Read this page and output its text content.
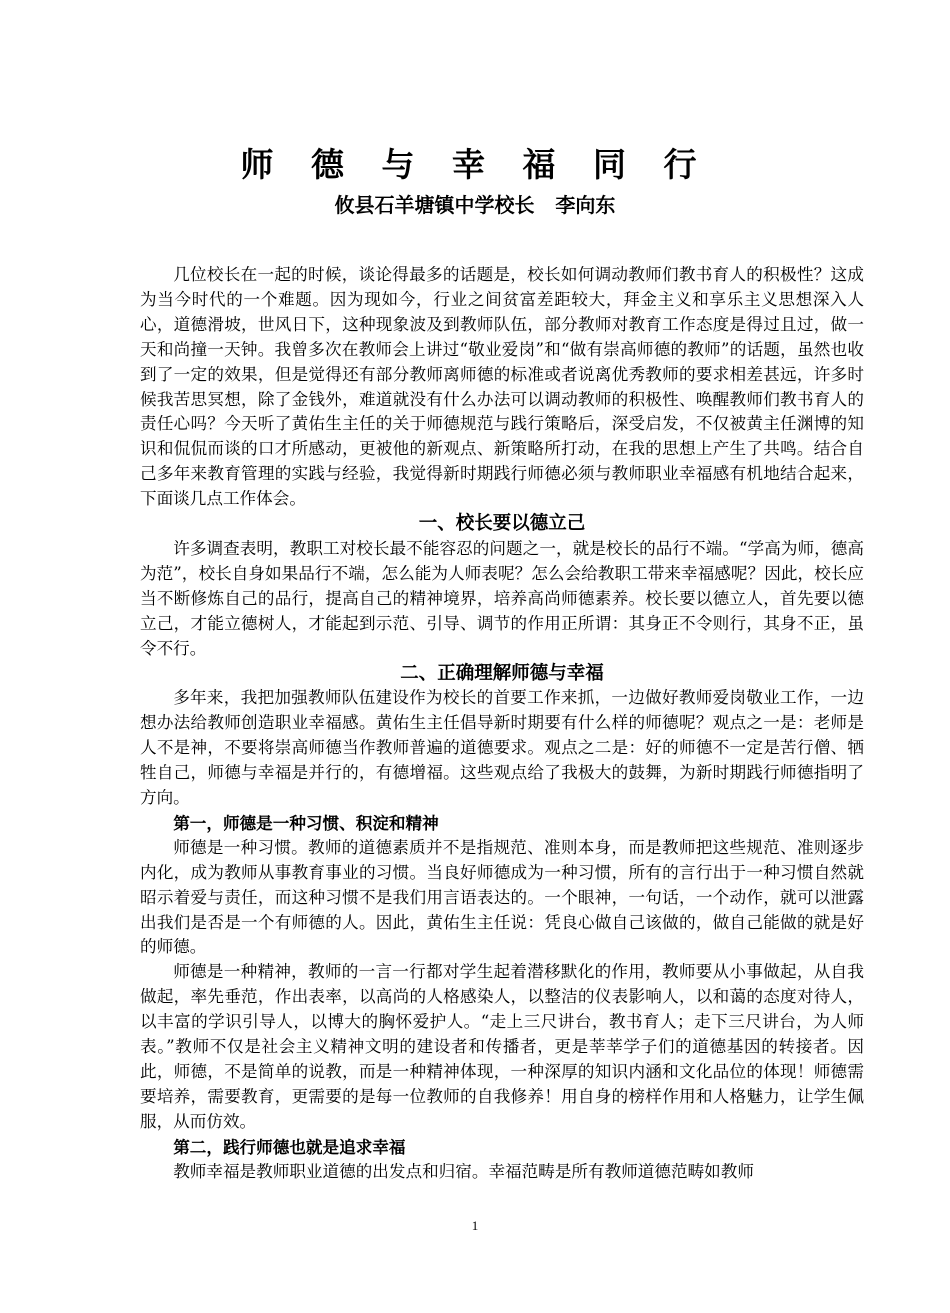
师 德 与 幸 福 同 行
攸县石羊塘镇中学校长   李向东

几位校长在一起的时候，谈论得最多的话题是，校长如何调动教师们教书育人的积极性？这成为当今时代的一个难题。因为现如今，行业之间贫富差距较大，拜金主义和享乐主义思想深入人心，道德滑坡，世风日下，这种现象波及到教师队伍，部分教师对教育工作态度是得过且过，做一天和尚撞一天钟。我曾多次在教师会上讲过“敬业爱岗”和“做有崇高师德的教师”的话题，虽然也收到了一定的效果，但是觉得还有部分教师离师德的标准或者说离优秀教师的要求相差甚远，许多时候我苦思冥想，除了金钱外，难道就没有什么办法可以调动教师的积极性、唤醒教师们教书育人的责任心吗？今天听了黄佑生主任的关于师德规范与践行策略后，深受启发，不仅被黄主任渊博的知识和侃侃而谈的口才所感动，更被他的新观点、新策略所打动，在我的思想上产生了共鸣。结合自己多年来教育管理的实践与经验，我觉得新时期践行师德必须与教师职业幸福感有机地结合起来，下面谈几点工作体会。

一、校长要以德立己

许多调查表明，教职工对校长最不能容忍的问题之一，就是校长的品行不端。“学高为师，德高为范”，校长自身如果品行不端，怎么能为人师表呢？怎么会给教职工带来幸福感呢？因此，校长应当不断修炼自己的品行，提高自己的精神境界，培养高尚师德素养。校长要以德立人，首先要以德立己，才能立德树人，才能起到示范、引导、调节的作用正所谓：其身正不令则行，其身不正，虽令不行。

二、正确理解师德与幸福

多年来，我把加强教师队伍建设作为校长的首要工作来抓，一边做好教师爱岗敬业工作，一边想办法给教师创造职业幸福感。黄佑生主任倡导新时期要有什么样的师德呢？观点之一是：老师是人不是神，不要将崇高师德当作教师普遍的道德要求。观点之二是：好的师德不一定是苦行僧、牺牲自己，师德与幸福是并行的，有德增福。这些观点给了我极大的鼓舞，为新时期践行师德指明了方向。

第一，师德是一种习惯、积淀和精神

师德是一种习惯。教师的道德素质并不是指规范、准则本身，而是教师把这些规范、准则逐步内化，成为教师从事教育事业的习惯。当良好师德成为一种习惯，所有的言行出于一种习惯自然就昭示着爱与责任，而这种习惯不是我们用言语表达的。一个眼神，一句话，一个动作，就可以泄露出我们是否是一个有师德的人。因此，黄佑生主任说：凭良心做自己该做的，做自己能做的就是好的师德。

师德是一种精神，教师的一言一行都对学生起着潜移默化的作用，教师要从小事做起，从自我做起，率先垂范，作出表率，以高尚的人格感染人，以整洁的仪表影响人，以和蔼的态度对待人，以丰富的学识引导人，以博大的胸怀爱护人。“走上三尺讲台，教书育人；走下三尺讲台，为人师表。”教师不仅是社会主义精神文明的建设者和传播者，更是莘莘学子们的道德基因的转接者。因此，师德，不是简单的说教，而是一种精神体现，一种深厚的知识内涵和文化品位的体现！师德需要培养，需要教育，更需要的是每一位教师的自我修养！用自身的榜样作用和人格魅力，让学生佩服，从而仿效。

第二，践行师德也就是追求幸福

教师幸福是教师职业道德的出发点和归宿。幸福范畴是所有教师道德范畴如教师

1
